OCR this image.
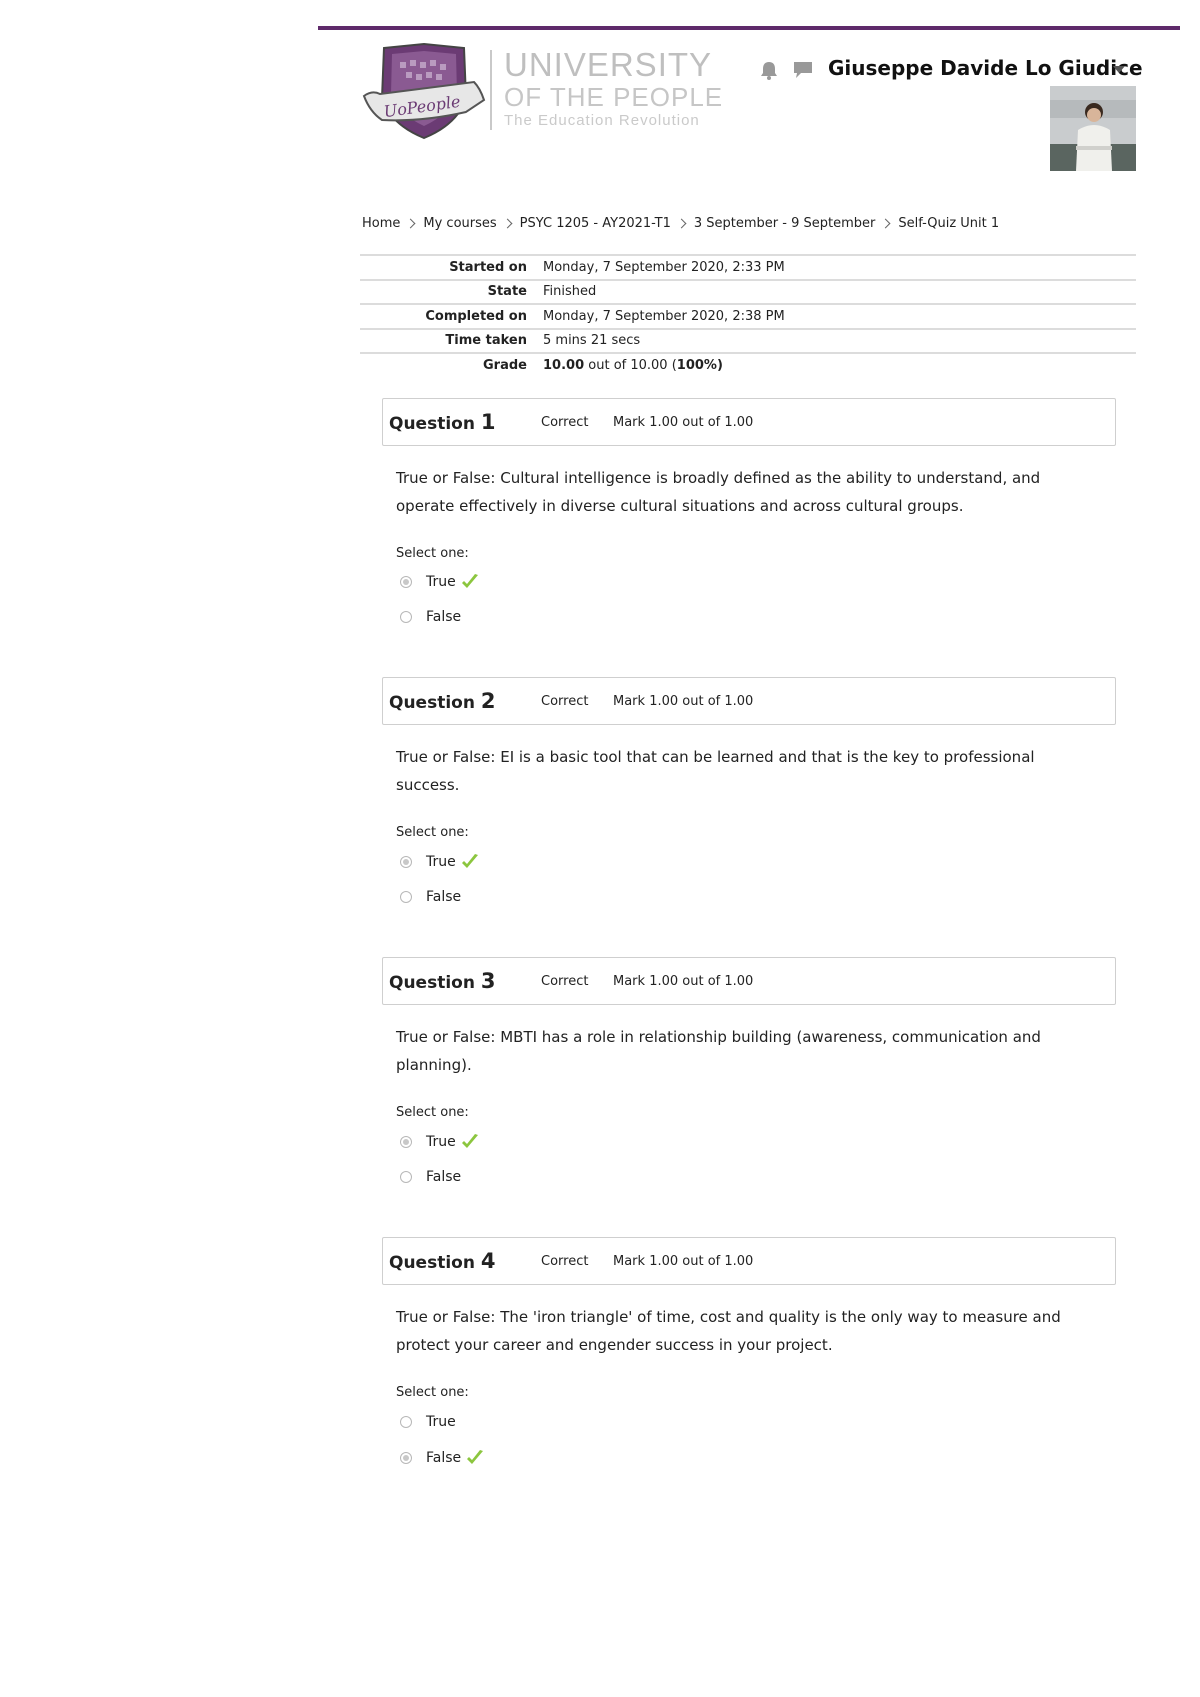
UoPeople
UNIVERSITY
OF THE PEOPLE
The Education Revolution
Giuseppe Davide Lo Giudice
Home My courses PSYC 1205 - AY2021-T1 3 September - 9 September Self-Quiz Unit 1
Started on	Monday, 7 September 2020, 2:33 PM
State	Finished
Completed on	Monday, 7 September 2020, 2:38 PM
Time taken	5 mins 21 secs
Grade	10.00 out of 10.00 (100%)
Question 1	Correct Mark 1.00 out of 1.00
True or False: Cultural intelligence is broadly defined as the ability to understand, and operate effectively in diverse cultural situations and across cultural groups.
Select one:
True
False
Question 2	Correct Mark 1.00 out of 1.00
True or False: EI is a basic tool that can be learned and that is the key to professional success.
Select one:
True
False
Question 3	Correct Mark 1.00 out of 1.00
True or False: MBTI has a role in relationship building (awareness, communication and planning).
Select one:
True
False
Question 4	Correct Mark 1.00 out of 1.00
True or False: The 'iron triangle' of time, cost and quality is the only way to measure and protect your career and engender success in your project.
Select one:
True
False
